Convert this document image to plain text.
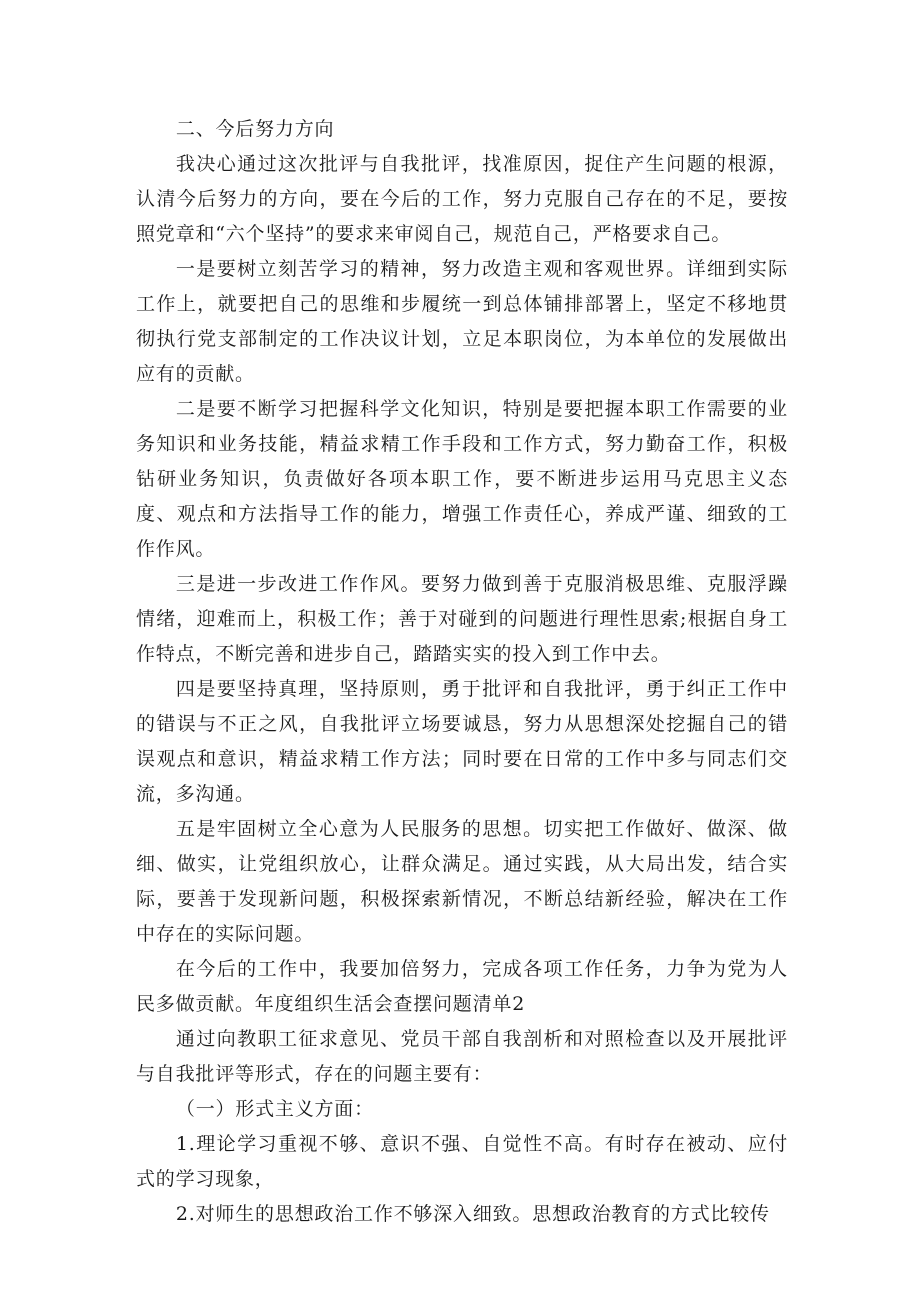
二、今后努力方向

我决心通过这次批评与自我批评，找准原因，捉住产生问题的根源，认清今后努力的方向，要在今后的工作，努力克服自己存在的不足，要按照党章和“六个坚持”的要求来审阅自己，规范自己，严格要求自己。

一是要树立刻苦学习的精神，努力改造主观和客观世界。详细到实际工作上，就要把自己的思维和步履统一到总体铺排部署上，坚定不移地贯彻执行党支部制定的工作决议计划，立足本职岗位，为本单位的发展做出应有的贡献。

二是要不断学习把握科学文化知识，特别是要把握本职工作需要的业务知识和业务技能，精益求精工作手段和工作方式，努力勤奋工作，积极钻研业务知识，负责做好各项本职工作，要不断进步运用马克思主义态度、观点和方法指导工作的能力，增强工作责任心，养成严谨、细致的工作作风。

三是进一步改进工作作风。要努力做到善于克服消极思维、克服浮躁情绪，迎难而上，积极工作；善于对碰到的问题进行理性思索;根据自身工作特点，不断完善和进步自己，踏踏实实的投入到工作中去。

四是要坚持真理，坚持原则，勇于批评和自我批评，勇于纠正工作中的错误与不正之风，自我批评立场要诚恳，努力从思想深处挖掘自己的错误观点和意识，精益求精工作方法；同时要在日常的工作中多与同志们交流，多沟通。

五是牢固树立全心意为人民服务的思想。切实把工作做好、做深、做细、做实，让党组织放心，让群众满足。通过实践，从大局出发，结合实际，要善于发现新问题，积极探索新情况，不断总结新经验，解决在工作中存在的实际问题。

在今后的工作中，我要加倍努力，完成各项工作任务，力争为党为人民多做贡献。年度组织生活会查摆问题清单2

通过向教职工征求意见、党员干部自我剖析和对照检查以及开展批评与自我批评等形式，存在的问题主要有：

（一）形式主义方面：

1.理论学习重视不够、意识不强、自觉性不高。有时存在被动、应付式的学习现象，

2.对师生的思想政治工作不够深入细致。思想政治教育的方式比较传
